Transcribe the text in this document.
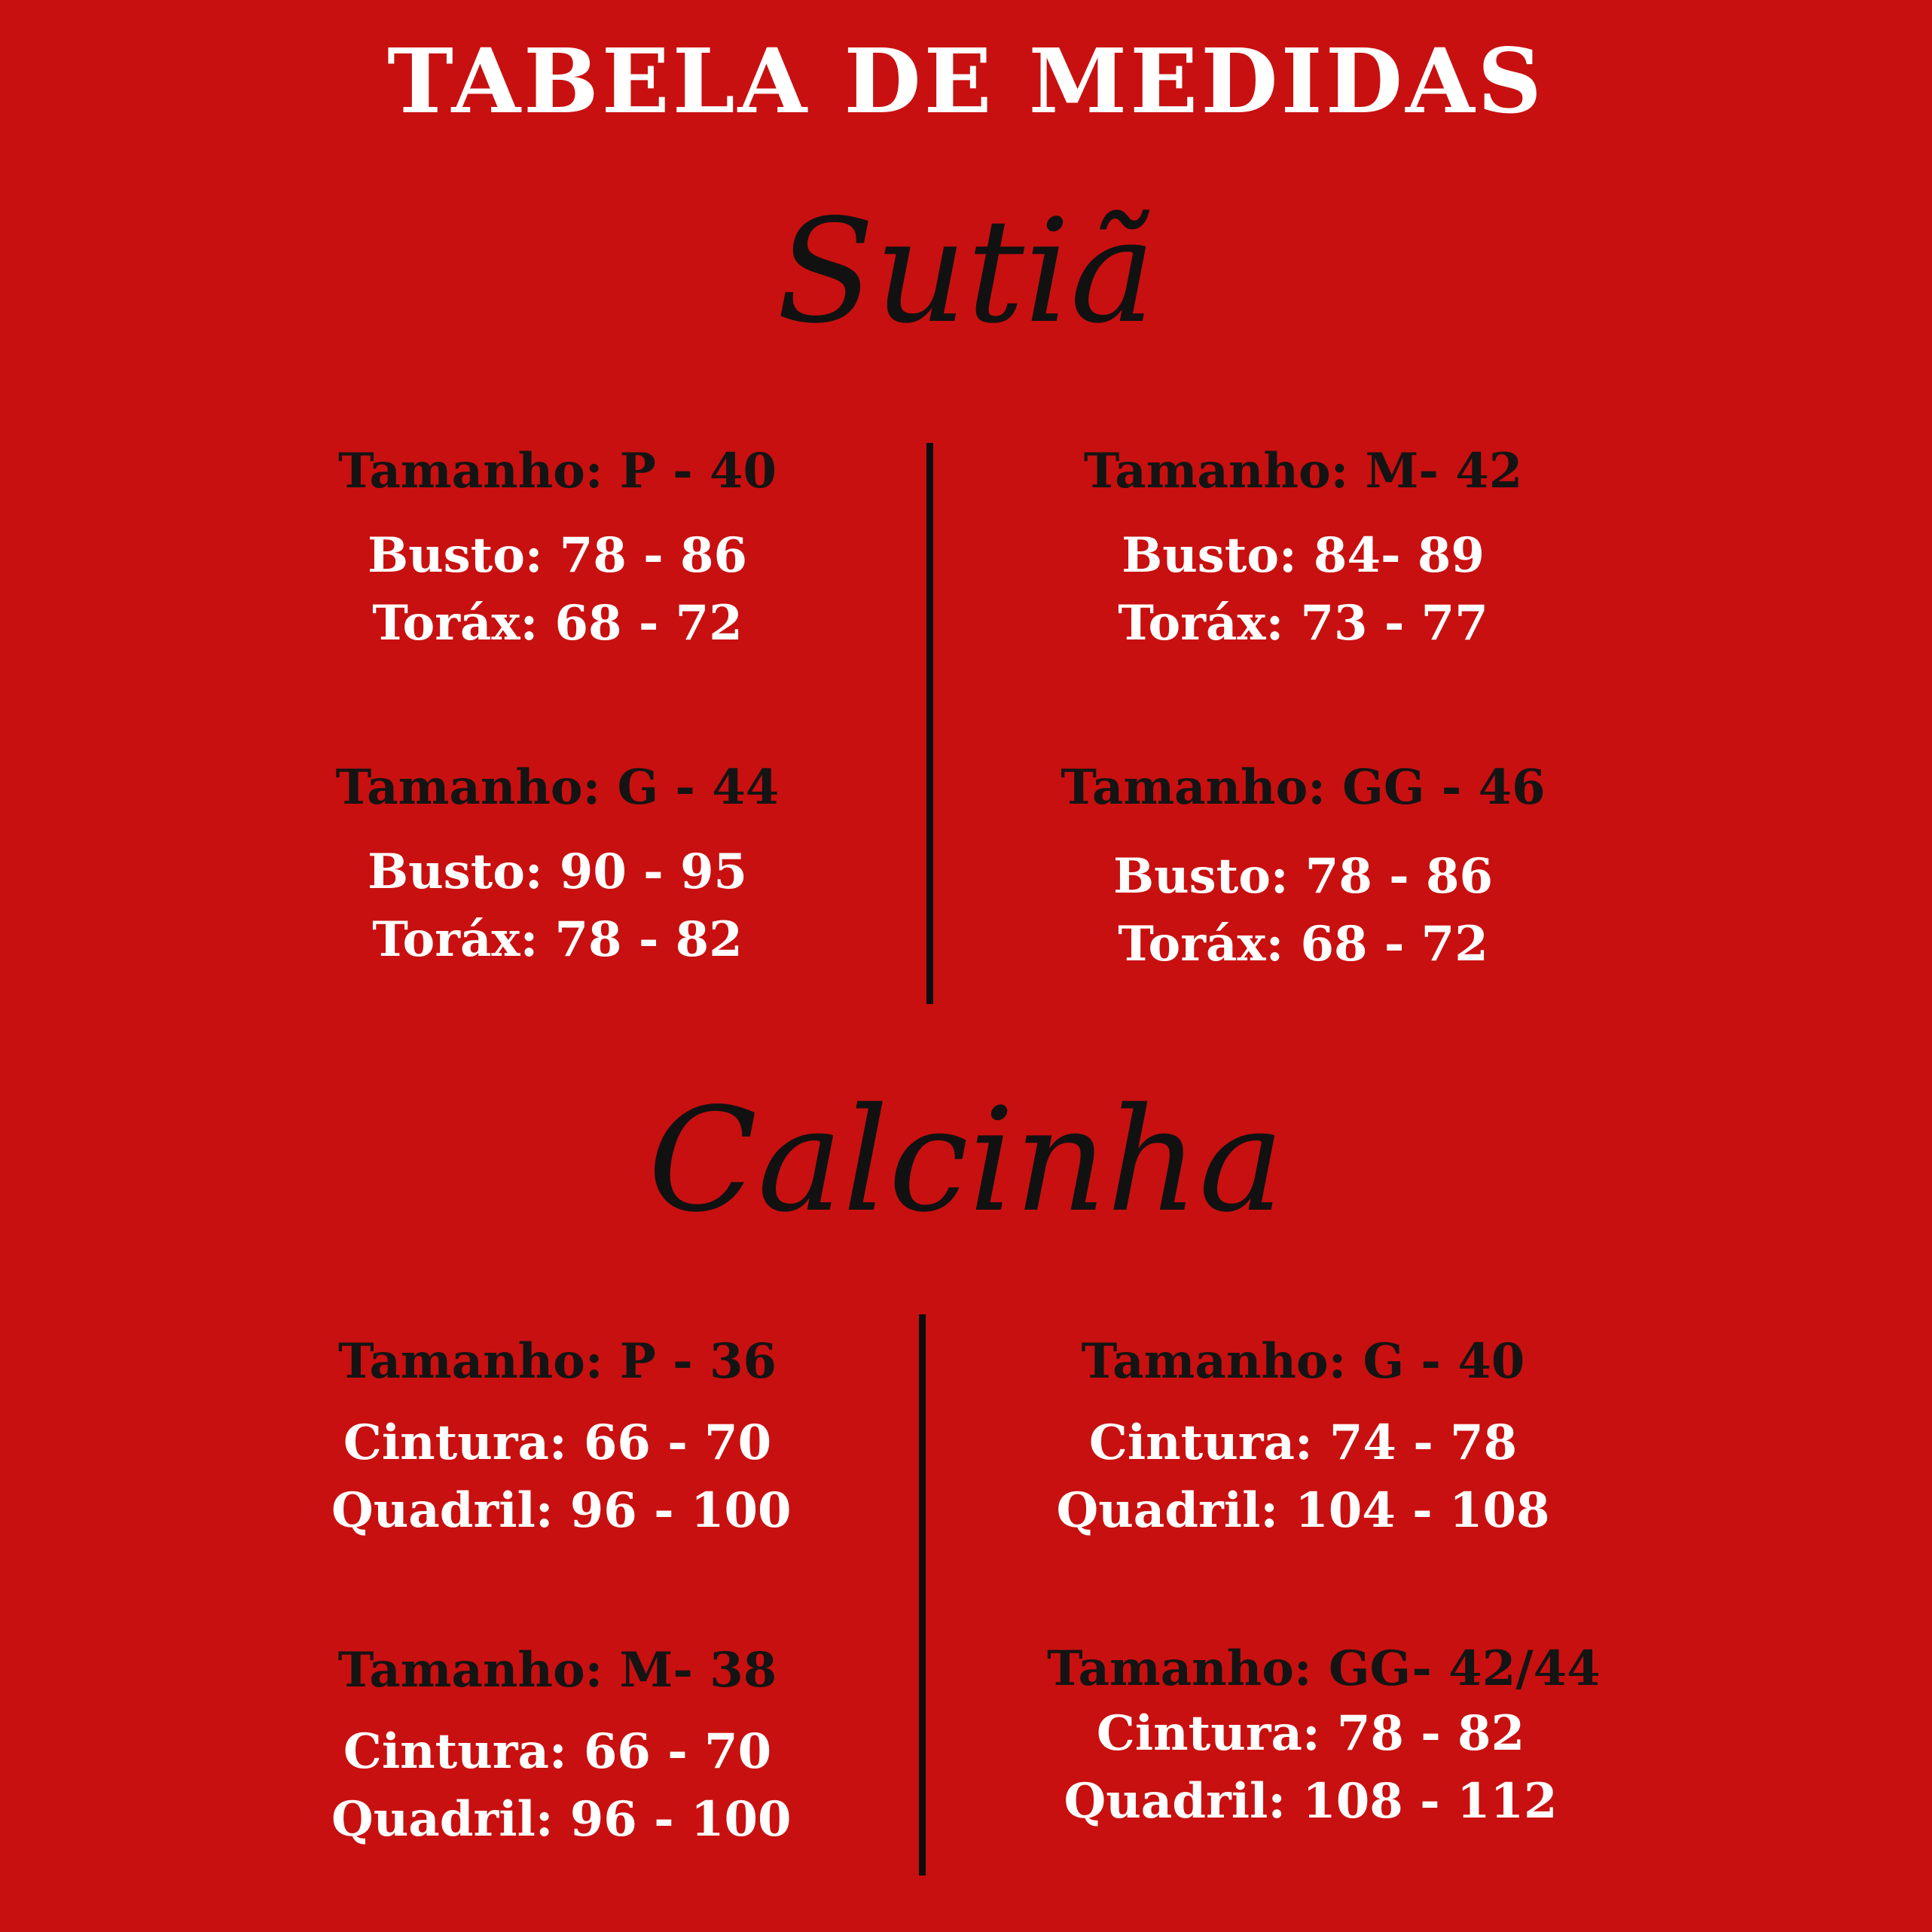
TABELA DE MEDIDAS
Sutiã
Tamanho: P - 40
Busto: 78 - 86
Toráx: 68 - 72
Tamanho: M- 42
Busto: 84- 89
Toráx: 73 - 77
Tamanho: G - 44
Busto: 90 - 95
Toráx: 78 - 82
Tamanho: GG - 46
Busto: 78 - 86
Toráx: 68 - 72
Calcinha
Tamanho: P - 36
Cintura: 66 - 70
Quadril: 96 - 100
Tamanho: G - 40
Cintura: 74 - 78
Quadril: 104 - 108
Tamanho: M- 38
Cintura: 66 - 70
Quadril: 96 - 100
Tamanho: GG- 42/44
Cintura: 78 - 82
Quadril: 108 - 112
